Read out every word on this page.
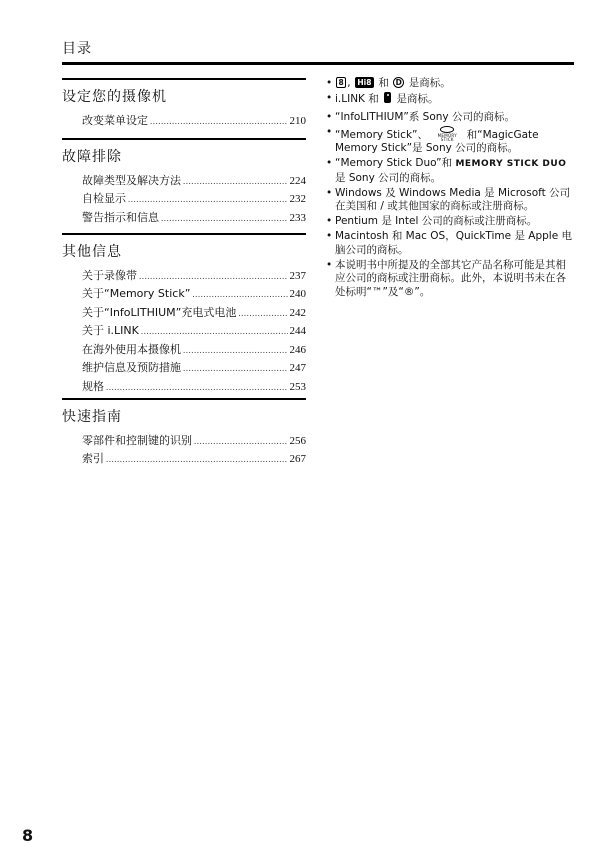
目录
设定您的摄像机
改变菜单设定 .....	210
故障排除
故障类型及解决方法 .....	224
自检显示 .....	232
警告指示和信息 .....	233
其他信息
关于录像带 .....	237
关于“Memory Stick” .....	240
关于“InfoLITHIUM”充电式电池 .....	242
关于 i.LINK .....	244
在海外使用本摄像机 .....	246
维护信息及预防措施 .....	247
规格 .....	253
快速指南
零部件和控制键的识别 .....	256
索引 .....	267
• 8 , Hi8 和 D 是商标。
• i.LINK 和 是商标。
• “InfoLITHIUM”系 Sony 公司的商标。
• “Memory Stick”、	MEMORY STICK	和“MagicGate Memory Stick”是 Sony 公司的商标。
• “Memory Stick Duo”和 MEMORY STICK DUO 是 Sony 公司的商标。
• Windows 及 Windows Media 是 Microsoft 公司在美国和 / 或其他国家的商标或注册商标。
• Pentium 是 Intel 公司的商标或注册商标。
• Macintosh 和 Mac OS，QuickTime 是 Apple 电脑公司的商标。
• 本说明书中所提及的全部其它产品名称可能是其相应公司的商标或注册商标。此外，本说明书未在各处标明“™”及“®”。
8
